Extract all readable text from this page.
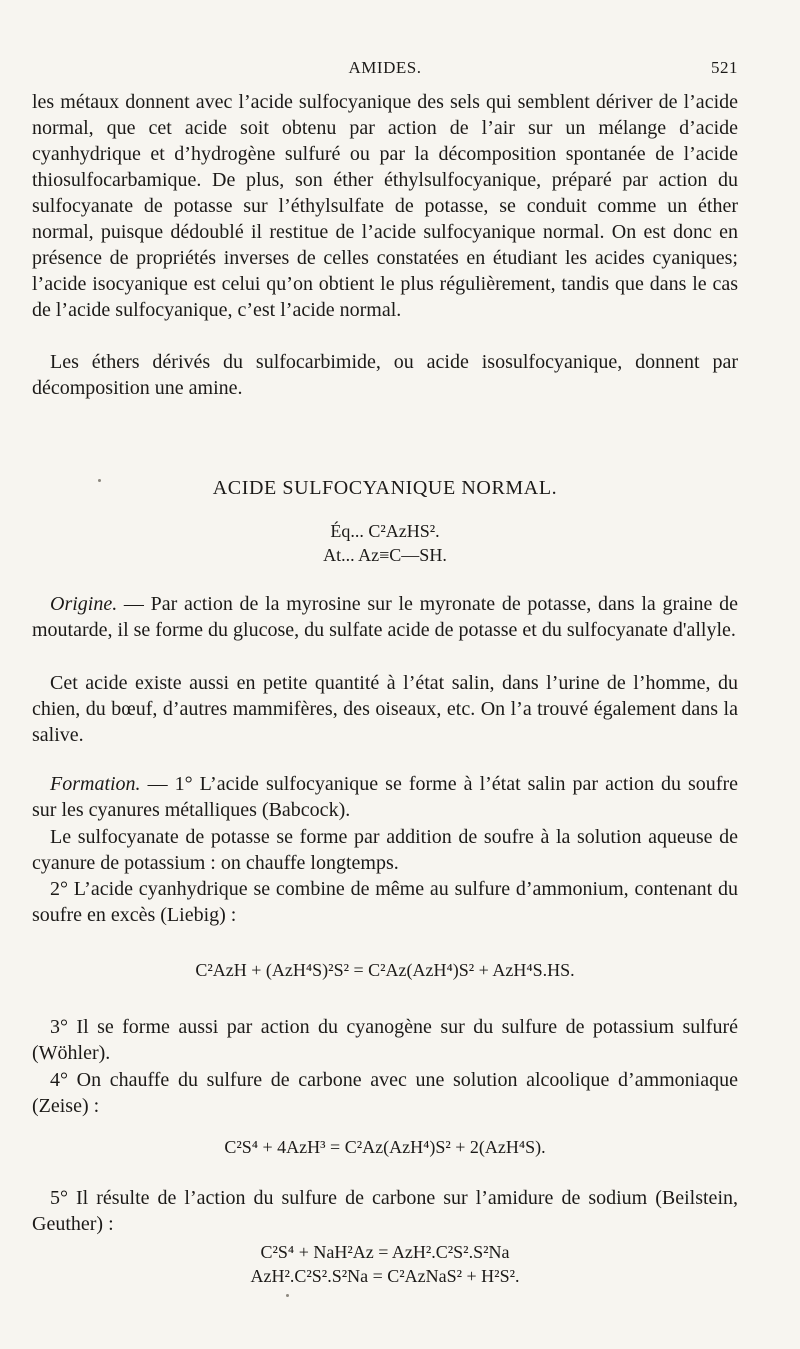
AMIDES.	521
les métaux donnent avec l’acide sulfocyanique des sels qui semblent dériver de l’acide normal, que cet acide soit obtenu par action de l’air sur un mélange d’acide cyanhydrique et d’hydrogène sulfuré ou par la décomposition spontanée de l’acide thiosulfocarbamique. De plus, son éther éthylsulfocyanique, préparé par action du sulfocyanate de potasse sur l’éthylsulfate de potasse, se conduit comme un éther normal, puisque dédoublé il restitue de l’acide sulfocyanique normal. On est donc en présence de propriétés inverses de celles constatées en étudiant les acides cyaniques; l’acide isocyanique est celui qu’on obtient le plus régulièrement, tandis que dans le cas de l’acide sulfocyanique, c’est l’acide normal.
Les éthers dérivés du sulfocarbimide, ou acide isosulfocyanique, donnent par décomposition une amine.
ACIDE SULFOCYANIQUE NORMAL.
Éq... C²AzHS².
At... Az≡C—SH.
Origine. — Par action de la myrosine sur le myronate de potasse, dans la graine de moutarde, il se forme du glucose, du sulfate acide de potasse et du sulfocyanate d'allyle.
Cet acide existe aussi en petite quantité à l’état salin, dans l’urine de l’homme, du chien, du bœuf, d’autres mammifères, des oiseaux, etc. On l’a trouvé également dans la salive.
Formation. — 1° L’acide sulfocyanique se forme à l’état salin par action du soufre sur les cyanures métalliques (Babcock).
Le sulfocyanate de potasse se forme par addition de soufre à la solution aqueuse de cyanure de potassium : on chauffe longtemps.
2° L’acide cyanhydrique se combine de même au sulfure d’ammonium, contenant du soufre en excès (Liebig) :
C²AzH + (AzH⁴S)²S² = C²Az(AzH⁴)S² + AzH⁴S.HS.
3° Il se forme aussi par action du cyanogène sur du sulfure de potassium sulfuré (Wöhler).
4° On chauffe du sulfure de carbone avec une solution alcoolique d’ammoniaque (Zeise) :
C²S⁴ + 4AzH³ = C²Az(AzH⁴)S² + 2(AzH⁴S).
5° Il résulte de l’action du sulfure de carbone sur l’amidure de sodium (Beilstein, Geuther) :
C²S⁴ + NaH²Az = AzH².C²S².S²Na
AzH².C²S².S²Na = C²AzNaS² + H²S².
